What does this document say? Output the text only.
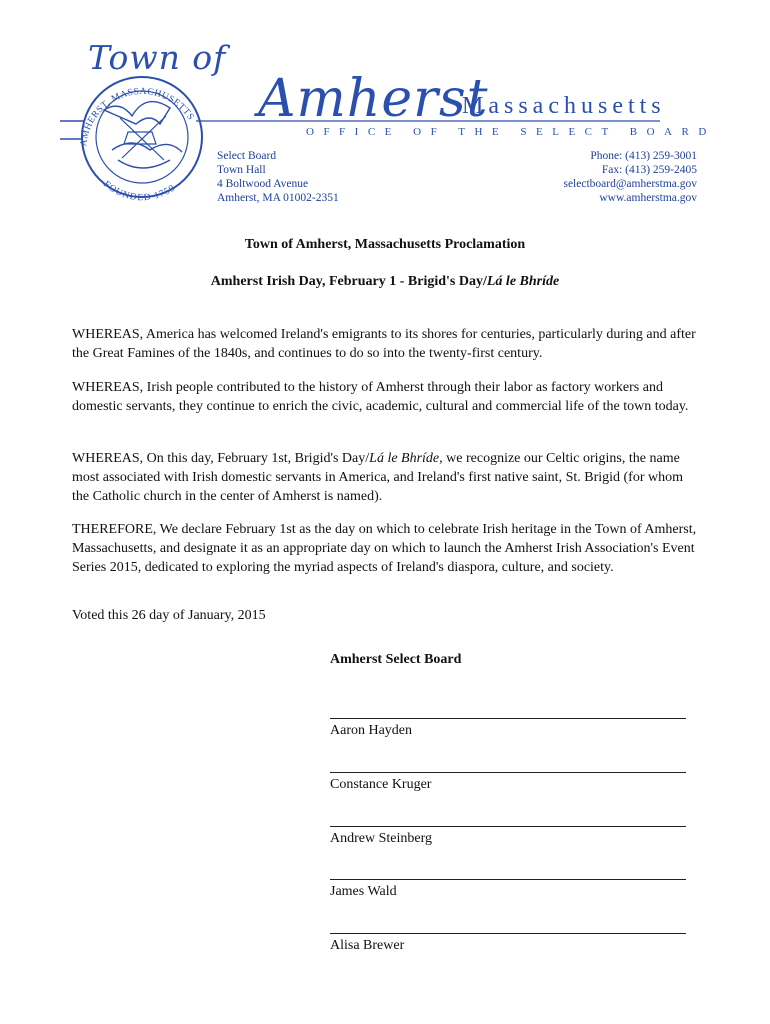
AMHERST, MASSACHUSETTS
FOUNDED 1759
Town of
Amherst
Massachusetts
OFFICE OF THE SELECT BOARD
Select Board
Town Hall
4 Boltwood Avenue
Amherst, MA 01002-2351
Phone: (413) 259-3001
Fax: (413) 259-2405
selectboard@amherstma.gov
www.amherstma.gov
Town of Amherst, Massachusetts Proclamation
Amherst Irish Day, February 1 - Brigid's Day/Lá le Bhríde

WHEREAS, America has welcomed Ireland's emigrants to its shores for centuries, particularly during and after the Great Famines of the 1840s, and continues to do so into the twenty-first century.

WHEREAS, Irish people contributed to the history of Amherst through their labor as factory workers and domestic servants, they continue to enrich the civic, academic, cultural and commercial life of the town today.

WHEREAS, On this day, February 1st, Brigid's Day/Lá le Bhríde, we recognize our Celtic origins, the name most associated with Irish domestic servants in America, and Ireland's first native saint, St. Brigid (for whom the Catholic church in the center of Amherst is named).

THEREFORE, We declare February 1st as the day on which to celebrate Irish heritage in the Town of Amherst, Massachusetts, and designate it as an appropriate day on which to launch the Amherst Irish Association's Event Series 2015, dedicated to exploring the myriad aspects of Ireland's diaspora, culture, and society.

Voted this 26 day of January, 2015

Amherst Select Board
Aaron Hayden
Constance Kruger
Andrew Steinberg
James Wald
Alisa Brewer
